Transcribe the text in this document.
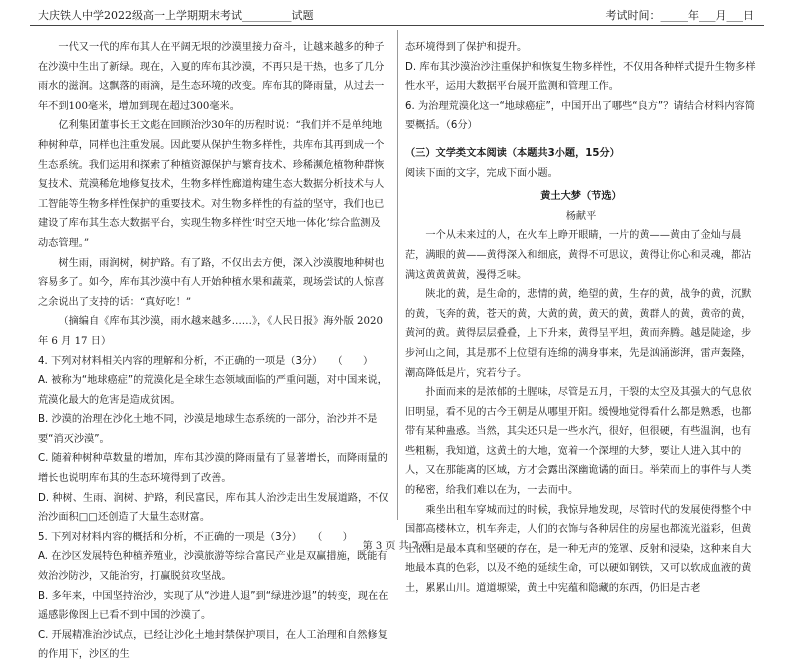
大庆铁人中学2022级高一上学期期末考试_________试题	考试时间：_____年___月___日

一代又一代的库布其人在平阔无垠的沙漠里接力奋斗，让越来越多的种子在沙漠中生出了新绿。现在，入夏的库布其沙漠，不再只是干热，也多了几分雨水的滋润。这飘落的雨滴，是生态环境的改变。库布其的降雨量，从过去一年不到100毫米，增加到现在超过300毫米。

亿利集团董事长王文彪在回顾治沙30年的历程时说：“我们并不是单纯地种树种草，同样也注重发展。因此要从保护生物多样性，共库布其再到成一个生态系统。我们运用和探索了种植资源保护与繁育技术、珍稀濒危植物种群恢复技术、荒漠稀危地修复技术，生物多样性廊道构建生态大数据分析技术与人工智能等生物多样性保护的重要技术。对生物多样性的有益的坚守，我们也已建设了库布其生态大数据平台，实现生物多样性‘时空天地一体化’综合监测及动态管理。”

树生雨，雨润树，树护路。有了路，不仅出去方便，深入沙漠腹地种树也容易多了。如今，库布其沙漠中有人开始种植水果和蔬菜，现场尝试的人惊喜之余说出了支持的话：“真好吃！”

（摘编自《库布其沙漠，雨水越来越多……》，《人民日报》海外版 2020 年 6 月 17 日）

4. 下列对材料相关内容的理解和分析，不正确的一项是（3分）　　（　　）

A. 被称为“地球癌症”的荒漠化是全球生态领域面临的严重问题，对中国来说，荒漠化最大的危害是造成贫困。

B. 沙漠的治理在沙化土地不同，沙漠是地球生态系统的一部分，治沙并不是要“消灭沙漠”。

C. 随着种树种草数量的增加，库布其沙漠的降雨量有了显著增长，而降雨量的增长也说明库布其的生态环境得到了改善。

D. 种树、生雨、润树、护路，利民富民，库布其人治沙走出生发展道路，不仅治沙面积□□还创造了大量生态财富。

5. 下列对材料内容的概括和分析，不正确的一项是（3分）　　（　　）

A. 在沙区发展特色种植养殖业，沙漠旅游等综合富民产业是双赢措施，既能有效治沙防沙，又能治穷，打赢脱贫攻坚战。

B. 多年来，中国坚持治沙，实现了从“沙进人退”到“绿进沙退”的转变，现在在遥感影像图上已看不到中国的沙漠了。

C. 开展精准治沙试点，已经让沙化土地封禁保护项目，在人工治理和自然修复的作用下，沙区的生

态环境得到了保护和提升。

D. 库布其沙漠治沙注重保护和恢复生物多样性，不仅用各种样式提升生物多样性水平，运用大数据平台展开监测和管理工作。

6. 为治理荒漠化这一“地球癌症”，中国开出了哪些“良方”？请结合材料内容简要概括。（6分）

（三）文学类文本阅读（本题共3小题，15分）

阅读下面的文字，完成下面小题。

黄土大梦（节选）

杨献平

一个从未来过的人，在火车上睁开眼睛，一片的黄——黄由了金灿与晨茫，满眼的黄——黄得深入和细底，黄得不可思议，黄得让你心和灵魂，都沾满这黄黄黄黄，漫得乏味。

陕北的黄，是生命的，悲情的黄，绝望的黄，生存的黄，战争的黄，沉默的黄，飞奔的黄，苍天的黄，大黄的黄，黄天的黄，黄群人的黄，黄帝的黄，黄河的黄。黄得层层叠叠，上下升来，黄得呈平坦，黄而奔腾。越是陡途，步步河山之间，其是那不上位望有连绵的满身事来，先是汹涌澎湃，雷声轰隆，潮高降低是片，究若兮子。

扑面而来的是浓郁的土腥味，尽管是五月，干裂的太空及其强大的气息依旧明显，看不见的古今王朝是从哪里开阳。缓慢地觉得看什么都是熟悉，也都带有某种蛊惑。当然，其尖还只是一些水汽，很好，但很硬，有些温润，也有些粗粝，我知道，这黄土的大地，宽着一个深埋的大梦，要让人进入其中的人，又在那能离的区域，方才会露出深幽诡谲的面日。举荣而上的事件与人类的秘密，给我们难以在为，一去而中。

乘坐出租车穿城而过的时候，我惊异地发现，尽管时代的发展使得整个中国都高楼林立，机车奔走，人们的衣饰与各种居住的房屋也都流光溢彩，但黄土依旧是最本真和坚硬的存在，是一种无声的笼罩、反射和浸染，这种来自大地最本真的色彩，以及不绝的延续生命，可以硬如钢铁，又可以软成血液的黄土，累累山川。道道塬梁，黄土中宪蕴和隐藏的东西，仍旧是古老

第 3 页 共 7 页
